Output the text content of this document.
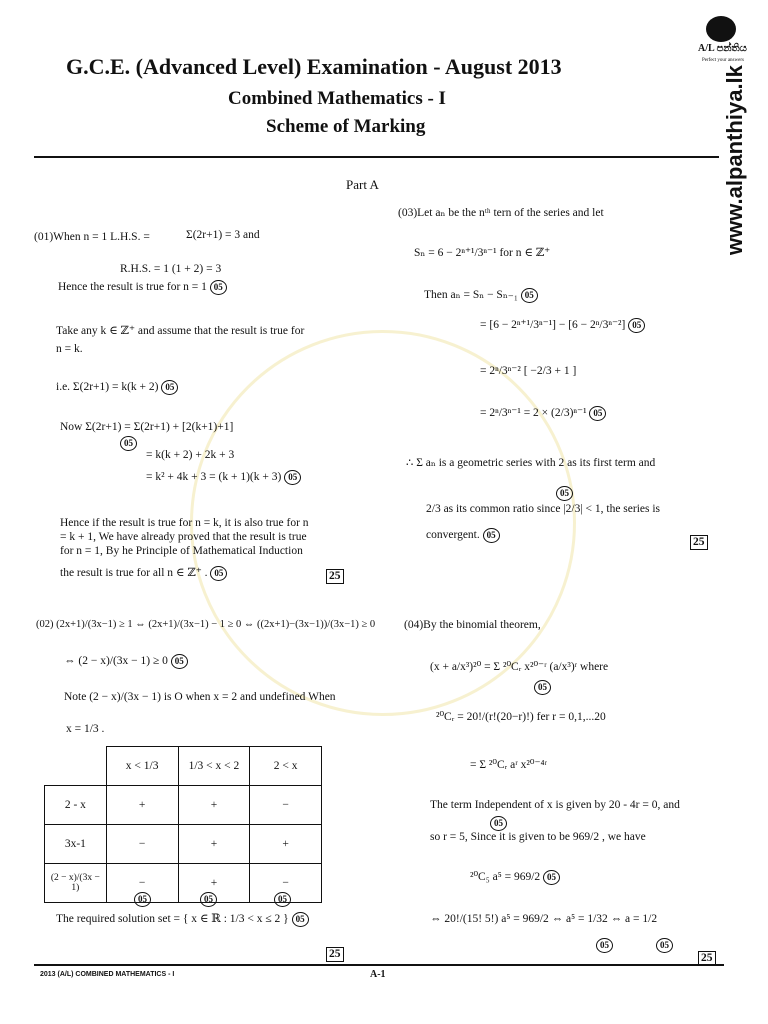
A/L පන්තිය
Perfect your answers
www.alpanthiya.lk
G.C.E. (Advanced Level) Examination - August 2013
Combined Mathematics - I
Scheme of Marking
Part A
(01)When n = 1 L.H.S. =	Σ(2r+1) = 3 and
R.H.S. = 1 (1 + 2) = 3
Hence the result is true for n = 1 05
Take any k ∈ ℤ⁺ and assume that the result is true for
n = k.
i.e. Σ(2r+1) = k(k + 2) 05
Now Σ(2r+1) = Σ(2r+1) + [2(k+1)+1]
05
= k(k + 2) + 2k + 3
= k² + 4k + 3 = (k + 1)(k + 3) 05
Hence if the result is true for n = k, it is also true for n
= k + 1, We have already proved that the result is true
for n = 1, By he Principle of Mathematical Induction
the result is true for all n ∈ ℤ⁺ . 05	25
(02) (2x+1)/(3x−1) ≥ 1 ⇔ (2x+1)/(3x−1) − 1 ≥ 0 ⇔ ((2x+1)−(3x−1))/(3x−1) ≥ 0
⇔ (2 − x)/(3x − 1) ≥ 0 05
Note (2 − x)/(3x − 1) is O when x = 2 and undefined When
x = 1/3 .
	x < 1/3	1/3 < x < 2	2 < x
2 - x	+	+	−
3x-1	−	+	+
(2 − x)/(3x − 1)	−	+	−
05	05	05
The required solution set = { x ∈ ℝ : 1/3 < x ≤ 2 } 05
25
(03)Let aₙ be the nᵗʰ tern of the series and let
Sₙ = 6 − 2ⁿ⁺¹/3ⁿ⁻¹ for n ∈ ℤ⁺
Then aₙ = Sₙ − Sₙ₋₁ 05
= [6 − 2ⁿ⁺¹/3ⁿ⁻¹] − [6 − 2ⁿ/3ⁿ⁻²] 05
= 2ⁿ/3ⁿ⁻² [ −2/3 + 1 ]
= 2ⁿ/3ⁿ⁻¹ = 2 × (2/3)ⁿ⁻¹ 05
∴ Σ aₙ is a geometric series with 2 as its first term and
05
2/3 as its common ratio since |2/3| < 1, the series is
convergent. 05
25
(04)By the binomial theorem,
(x + a/x³)²⁰ = Σ ²⁰Cᵣ x²⁰⁻ʳ (a/x³)ʳ where
05
²⁰Cᵣ = 20!/(r!(20−r)!) fer r = 0,1,...20
= Σ ²⁰Cᵣ aʳ x²⁰⁻⁴ʳ
The term Independent of x is given by 20 - 4r = 0, and
05
so r = 5, Since it is given to be 969/2 , we have
²⁰C₅ a⁵ = 969/2 05
⇔ 20!/(15! 5!) a⁵ = 969/2 ⇔ a⁵ = 1/32 ⇔ a = 1/2
05	05
25
2013 (A/L) COMBINED MATHEMATICS - I	A-1
